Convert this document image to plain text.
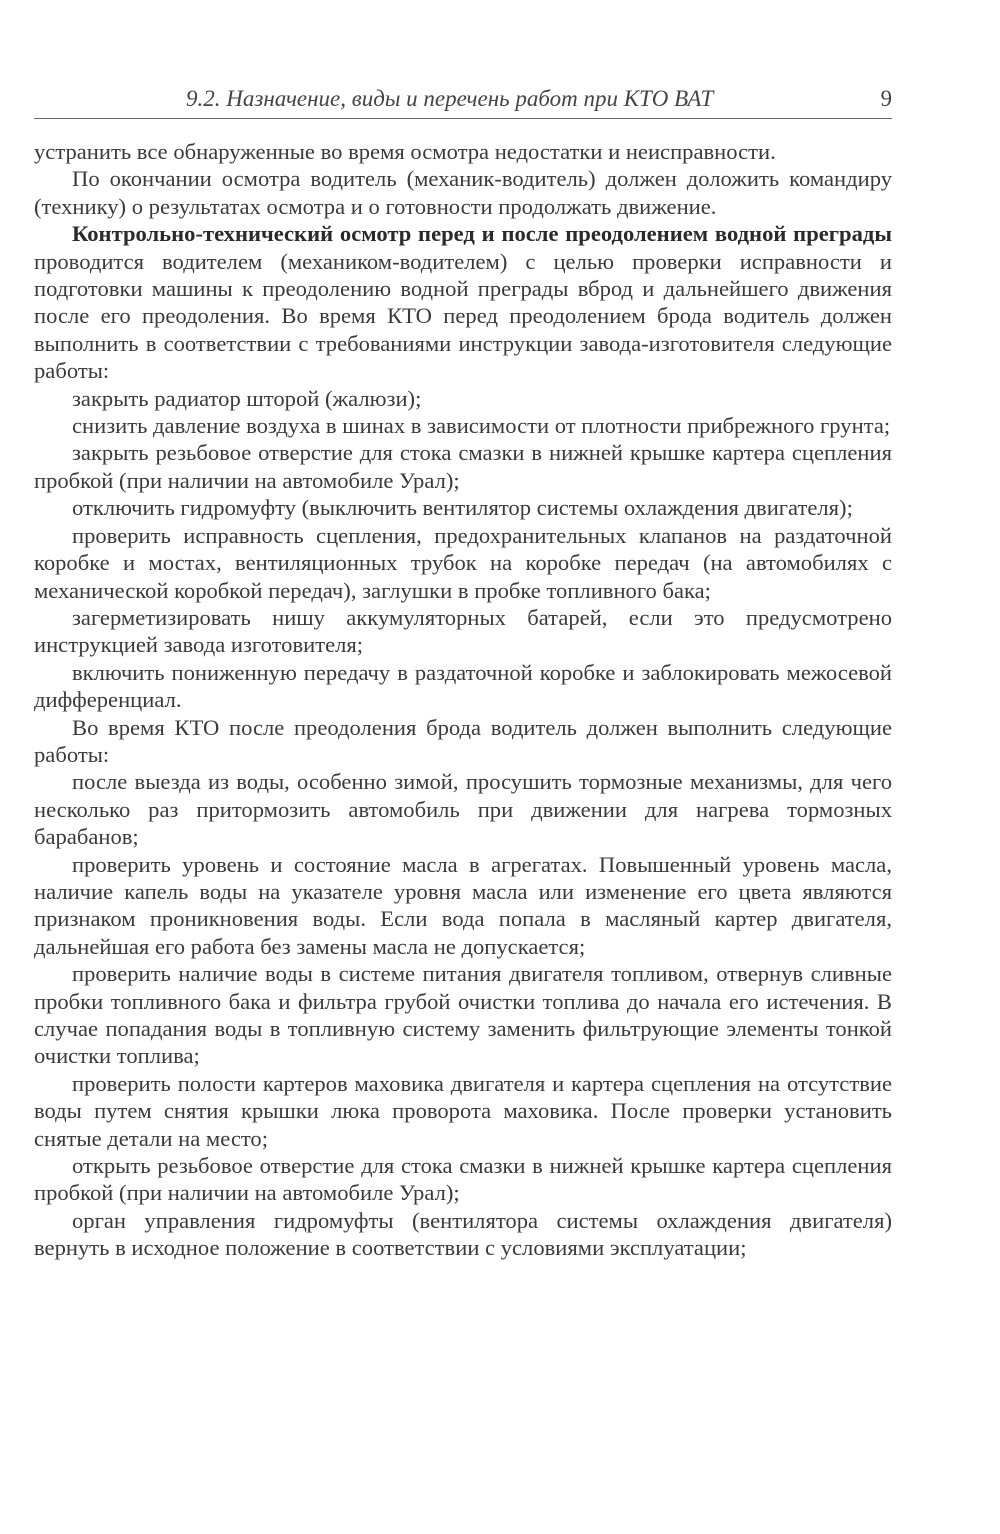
9.2. Назначение, виды и перечень работ при КТО ВАТ	9

устранить все обнаруженные во время осмотра недостатки и неисправности.

По окончании осмотра водитель (механик-водитель) должен доложить командиру (технику) о результатах осмотра и о готовности продолжать движение.

Контрольно-технический осмотр перед и после преодолением водной преграды проводится водителем (механиком-водителем) с целью проверки исправности и подготовки машины к преодолению водной преграды вброд и дальнейшего движения после его преодоления. Во время КТО перед преодолением брода водитель должен выполнить в соответствии с требованиями инструкции завода-изготовителя следующие работы:

закрыть радиатор шторой (жалюзи);

снизить давление воздуха в шинах в зависимости от плотности прибрежного грунта;

закрыть резьбовое отверстие для стока смазки в нижней крышке картера сцепления пробкой (при наличии на автомобиле Урал);

отключить гидромуфту (выключить вентилятор системы охлаждения двигателя);

проверить исправность сцепления, предохранительных клапанов на раздаточной коробке и мостах, вентиляционных трубок на коробке передач (на автомобилях с механической коробкой передач), заглушки в пробке топливного бака;

загерметизировать нишу аккумуляторных батарей, если это предусмотрено инструкцией завода изготовителя;

включить пониженную передачу в раздаточной коробке и заблокировать межосевой дифференциал.

Во время КТО после преодоления брода водитель должен выполнить следующие работы:

после выезда из воды, особенно зимой, просушить тормозные механизмы, для чего несколько раз притормозить автомобиль при движении для нагрева тормозных барабанов;

проверить уровень и состояние масла в агрегатах. Повышенный уровень масла, наличие капель воды на указателе уровня масла или изменение его цвета являются признаком проникновения воды. Если вода попала в масляный картер двигателя, дальнейшая его работа без замены масла не допускается;

проверить наличие воды в системе питания двигателя топливом, отвернув сливные пробки топливного бака и фильтра грубой очистки топлива до начала его истечения. В случае попадания воды в топливную систему заменить фильтрующие элементы тонкой очистки топлива;

проверить полости картеров маховика двигателя и картера сцепления на отсутствие воды путем снятия крышки люка проворота маховика. После проверки установить снятые детали на место;

открыть резьбовое отверстие для стока смазки в нижней крышке картера сцепления пробкой (при наличии на автомобиле Урал);

орган управления гидромуфты (вентилятора системы охлаждения двигателя) вернуть в исходное положение в соответствии с условиями эксплуатации;
